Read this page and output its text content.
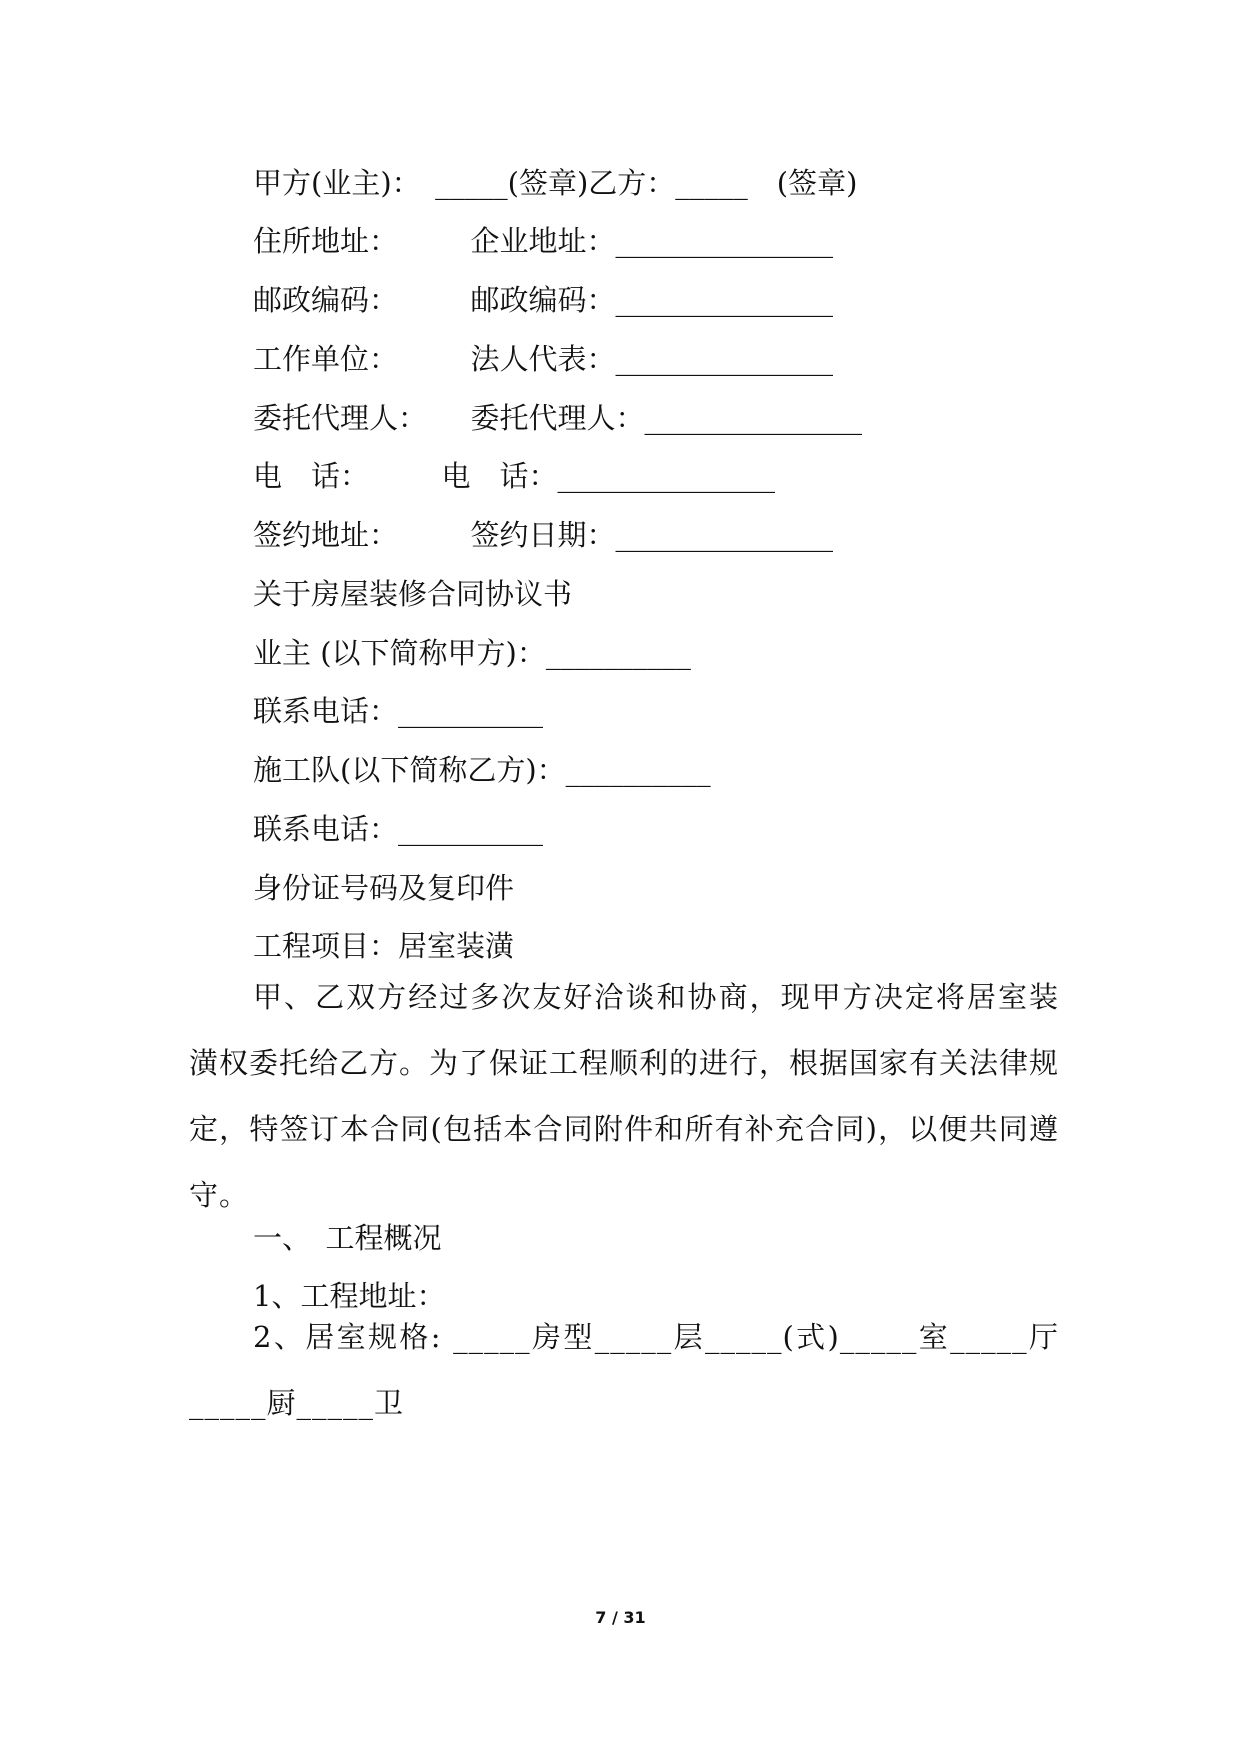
甲方(业主)：　_____(签章)乙方：_____　(签章)
住所地址：　　　企业地址：_______________
邮政编码：　　　邮政编码：_______________
工作单位：　　　法人代表：_______________
委托代理人：　　委托代理人：_______________
电　话：　　　电　话：_______________
签约地址：　　　签约日期：_______________
关于房屋装修合同协议书
业主 (以下简称甲方)：__________
联系电话：__________
施工队(以下简称乙方)：__________
联系电话：__________
身份证号码及复印件
工程项目：居室装潢
甲、乙双方经过多次友好洽谈和协商，现甲方决定将居室装潢权委托给乙方。为了保证工程顺利的进行，根据国家有关法律规定，特签订本合同(包括本合同附件和所有补充合同)，以便共同遵守。
一、　工程概况
1、工程地址：
2、居室规格: _____房型_____层_____(式)_____室_____厅_____厨_____卫
7 / 31
